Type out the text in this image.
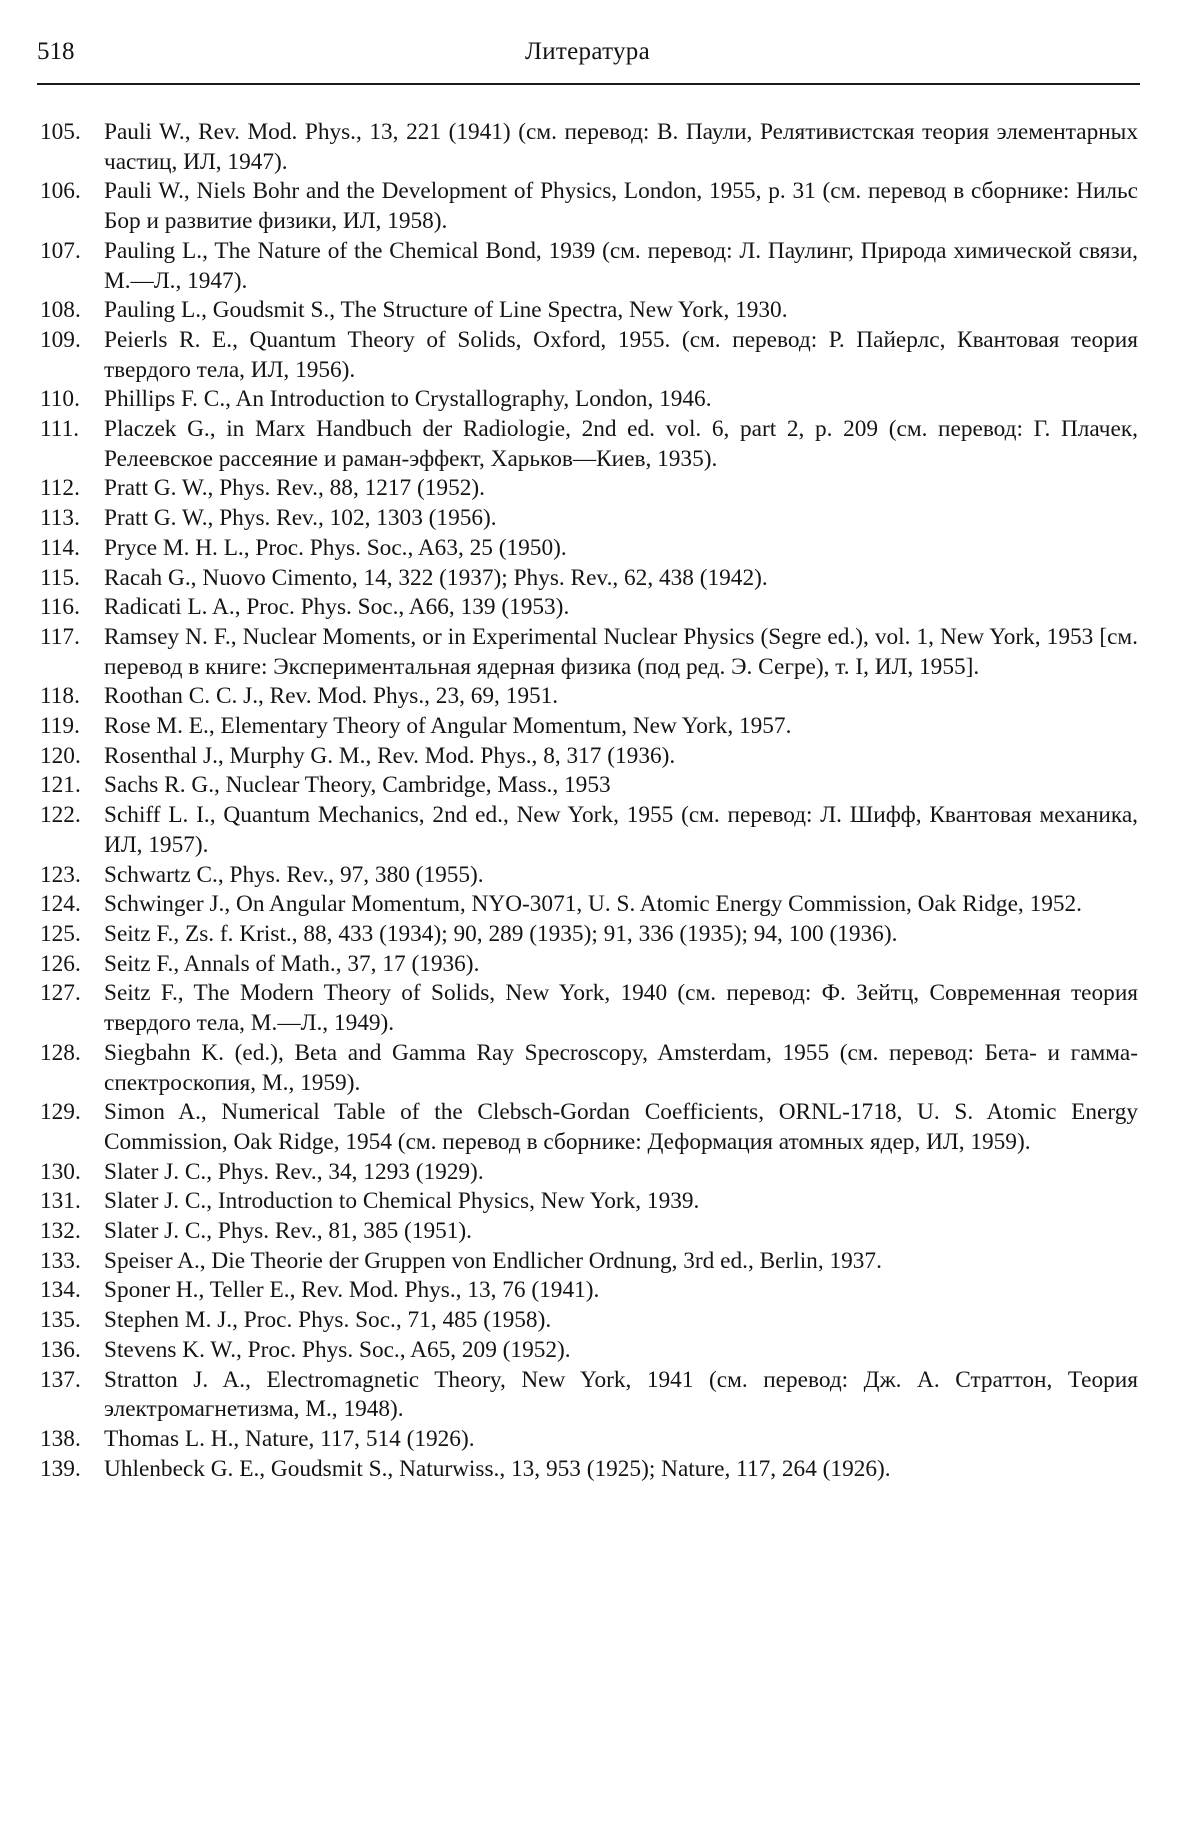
518	Литература
105. Pauli W., Rev. Mod. Phys., 13, 221 (1941) (см. перевод: В. Паули, Релятивистская теория элементарных частиц, ИЛ, 1947).
106. Pauli W., Niels Bohr and the Development of Physics, London, 1955, p. 31 (см. перевод в сборнике: Нильс Бор и развитие физики, ИЛ, 1958).
107. Pauling L., The Nature of the Chemical Bond, 1939 (см. перевод: Л. Паулинг, Природа химической связи, М.—Л., 1947).
108. Pauling L., Goudsmit S., The Structure of Line Spectra, New York, 1930.
109. Peierls R. E., Quantum Theory of Solids, Oxford, 1955. (см. перевод: Р. Пайерлс, Квантовая теория твердого тела, ИЛ, 1956).
110.	Phillips F. C., An Introduction to Crystallography, London, 1946.
111.	Placzek G., in Marx Handbuch der Radiologie, 2nd ed. vol. 6, part 2, p. 209 (см. перевод: Г. Плачек, Релеевское рассеяние и раман-эффект, Харьков—Киев, 1935).
112.	Pratt G. W., Phys. Rev., 88, 1217 (1952).
113.	Pratt G. W., Phys. Rev., 102, 1303 (1956).
114.	Pryce M. H. L., Proc. Phys. Soc., A63, 25 (1950).
115.	Racah G., Nuovo Cimento, 14, 322 (1937); Phys. Rev., 62, 438 (1942).
116.	Radicati L. A., Proc. Phys. Soc., A66, 139 (1953).
117.	Ramsey N. F., Nuclear Moments, or in Experimental Nuclear Physics (Segre ed.), vol. 1, New York, 1953 [см. перевод в книге: Экспериментальная ядерная физика (под ред. Э. Сегре), т. I, ИЛ, 1955].
118.	Roothan C. C. J., Rev. Mod. Phys., 23, 69, 1951.
119.	Rose M. E., Elementary Theory of Angular Momentum, New York, 1957.
120. Rosenthal J., Murphy G. M., Rev. Mod. Phys., 8, 317 (1936).
121. Sachs R. G., Nuclear Theory, Cambridge, Mass., 1953
122. Schiff L. I., Quantum Mechanics, 2nd ed., New York, 1955 (см. перевод: Л. Шифф, Квантовая механика, ИЛ, 1957).
123. Schwartz C., Phys. Rev., 97, 380 (1955).
124. Schwinger J., On Angular Momentum, NYO-3071, U. S. Atomic Energy Commission, Oak Ridge, 1952.
125. Seitz F., Zs. f. Krist., 88, 433 (1934); 90, 289 (1935); 91, 336 (1935); 94, 100 (1936).
126. Seitz F., Annals of Math., 37, 17 (1936).
127. Seitz F., The Modern Theory of Solids, New York, 1940 (см. перевод: Ф. Зейтц, Современная теория твердого тела, М.—Л., 1949).
128. Siegbahn K. (ed.), Beta and Gamma Ray Specroscopy, Amsterdam, 1955 (см. перевод: Бета- и гамма-спектроскопия, М., 1959).
129. Simon A., Numerical Table of the Clebsch-Gordan Coefficients, ORNL-1718, U. S. Atomic Energy Commission, Oak Ridge, 1954 (см. перевод в сборнике: Деформация атомных ядер, ИЛ, 1959).
130. Slater J. C., Phys. Rev., 34, 1293 (1929).
131. Slater J. C., Introduction to Chemical Physics, New York, 1939.
132. Slater J. C., Phys. Rev., 81, 385 (1951).
133. Speiser A., Die Theorie der Gruppen von Endlicher Ordnung, 3rd ed., Berlin, 1937.
134. Sponer H., Teller E., Rev. Mod. Phys., 13, 76 (1941).
135. Stephen M. J., Proc. Phys. Soc., 71, 485 (1958).
136. Stevens K. W., Proc. Phys. Soc., A65, 209 (1952).
137. Stratton J. A., Electromagnetic Theory, New York, 1941 (см. перевод: Дж. А. Страттон, Теория электромагнетизма, М., 1948).
138. Thomas L. H., Nature, 117, 514 (1926).
139. Uhlenbeck G. E., Goudsmit S., Naturwiss., 13, 953 (1925); Nature, 117, 264 (1926).
